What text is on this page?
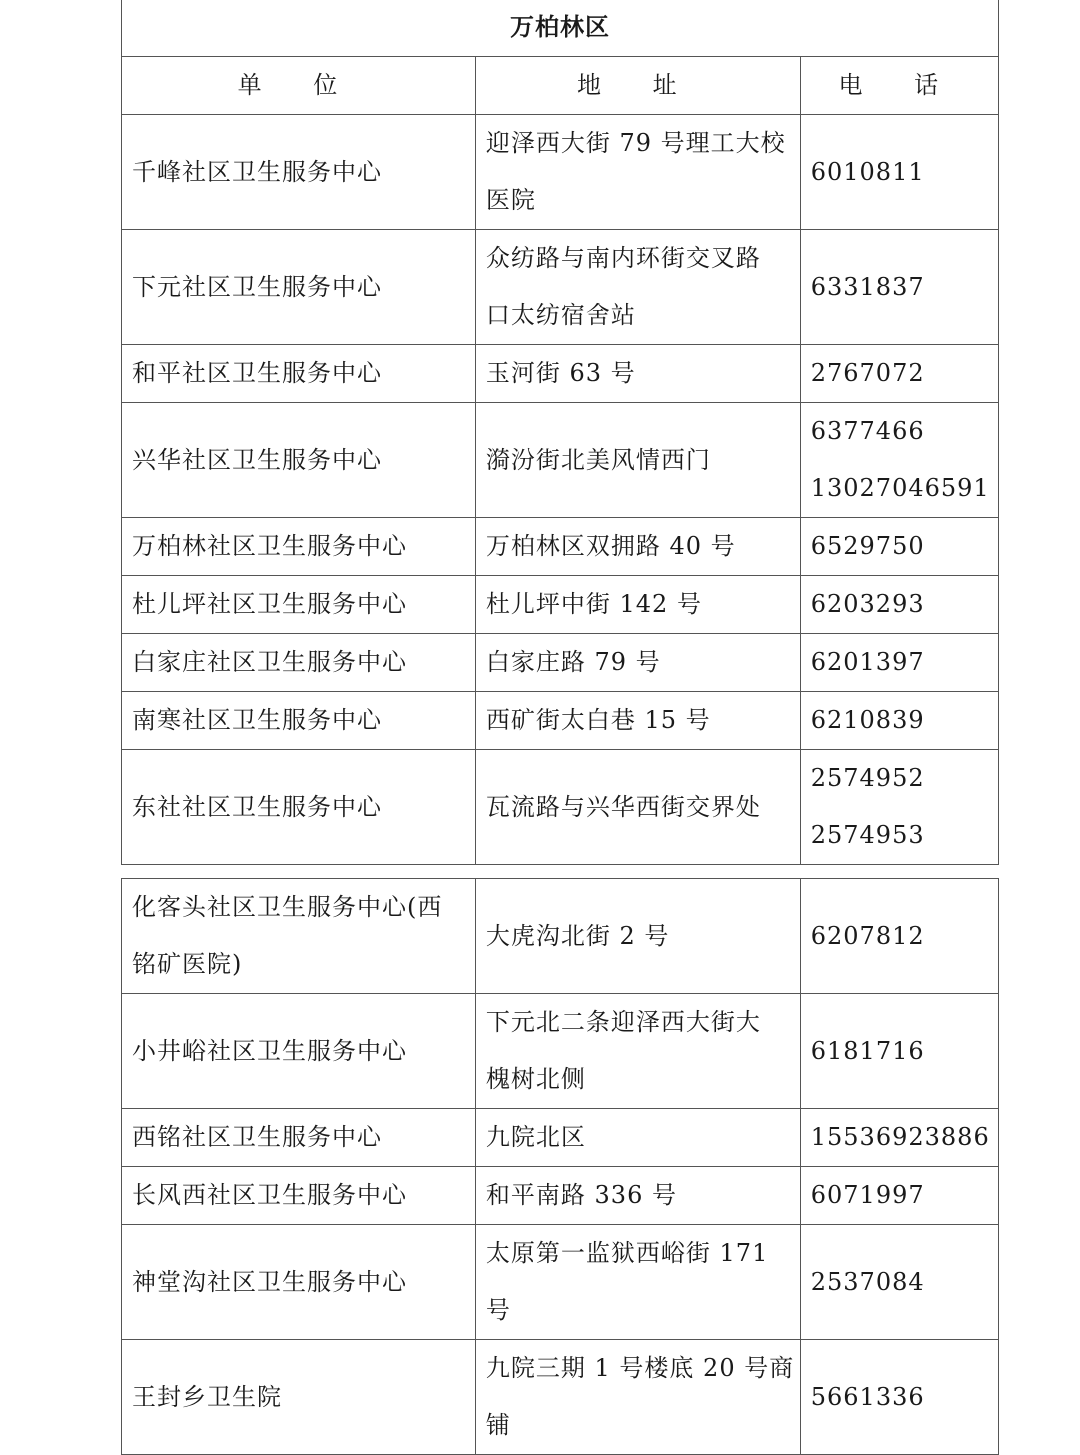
万柏林区		
单 位	地 址	电 话

千峰社区卫生服务中心	迎泽西大街 79 号理工大校
医院	6010811

下元社区卫生服务中心	众纺路与南内环街交叉路
口太纺宿舍站	6331837

和平社区卫生服务中心	玉河街 63 号	2767072

兴华社区卫生服务中心	漪汾街北美风情西门	6377466
13027046591

万柏林社区卫生服务中心	万柏林区双拥路 40 号	6529750

杜儿坪社区卫生服务中心	杜儿坪中街 142 号	6203293

白家庄社区卫生服务中心	白家庄路 79 号	6201397

南寒社区卫生服务中心	西矿街太白巷 15 号	6210839

东社社区卫生服务中心	瓦流路与兴华西街交界处	2574952
2574953
化客头社区卫生服务中心(西
铭矿医院)	大虎沟北街 2 号	6207812

小井峪社区卫生服务中心	下元北二条迎泽西大街大
槐树北侧	6181716

西铭社区卫生服务中心	九院北区	15536923886

长风西社区卫生服务中心	和平南路 336 号	6071997

神堂沟社区卫生服务中心	太原第一监狱西峪街 171 号	2537084

王封乡卫生院	九院三期 1 号楼底 20 号商
铺	5661336
